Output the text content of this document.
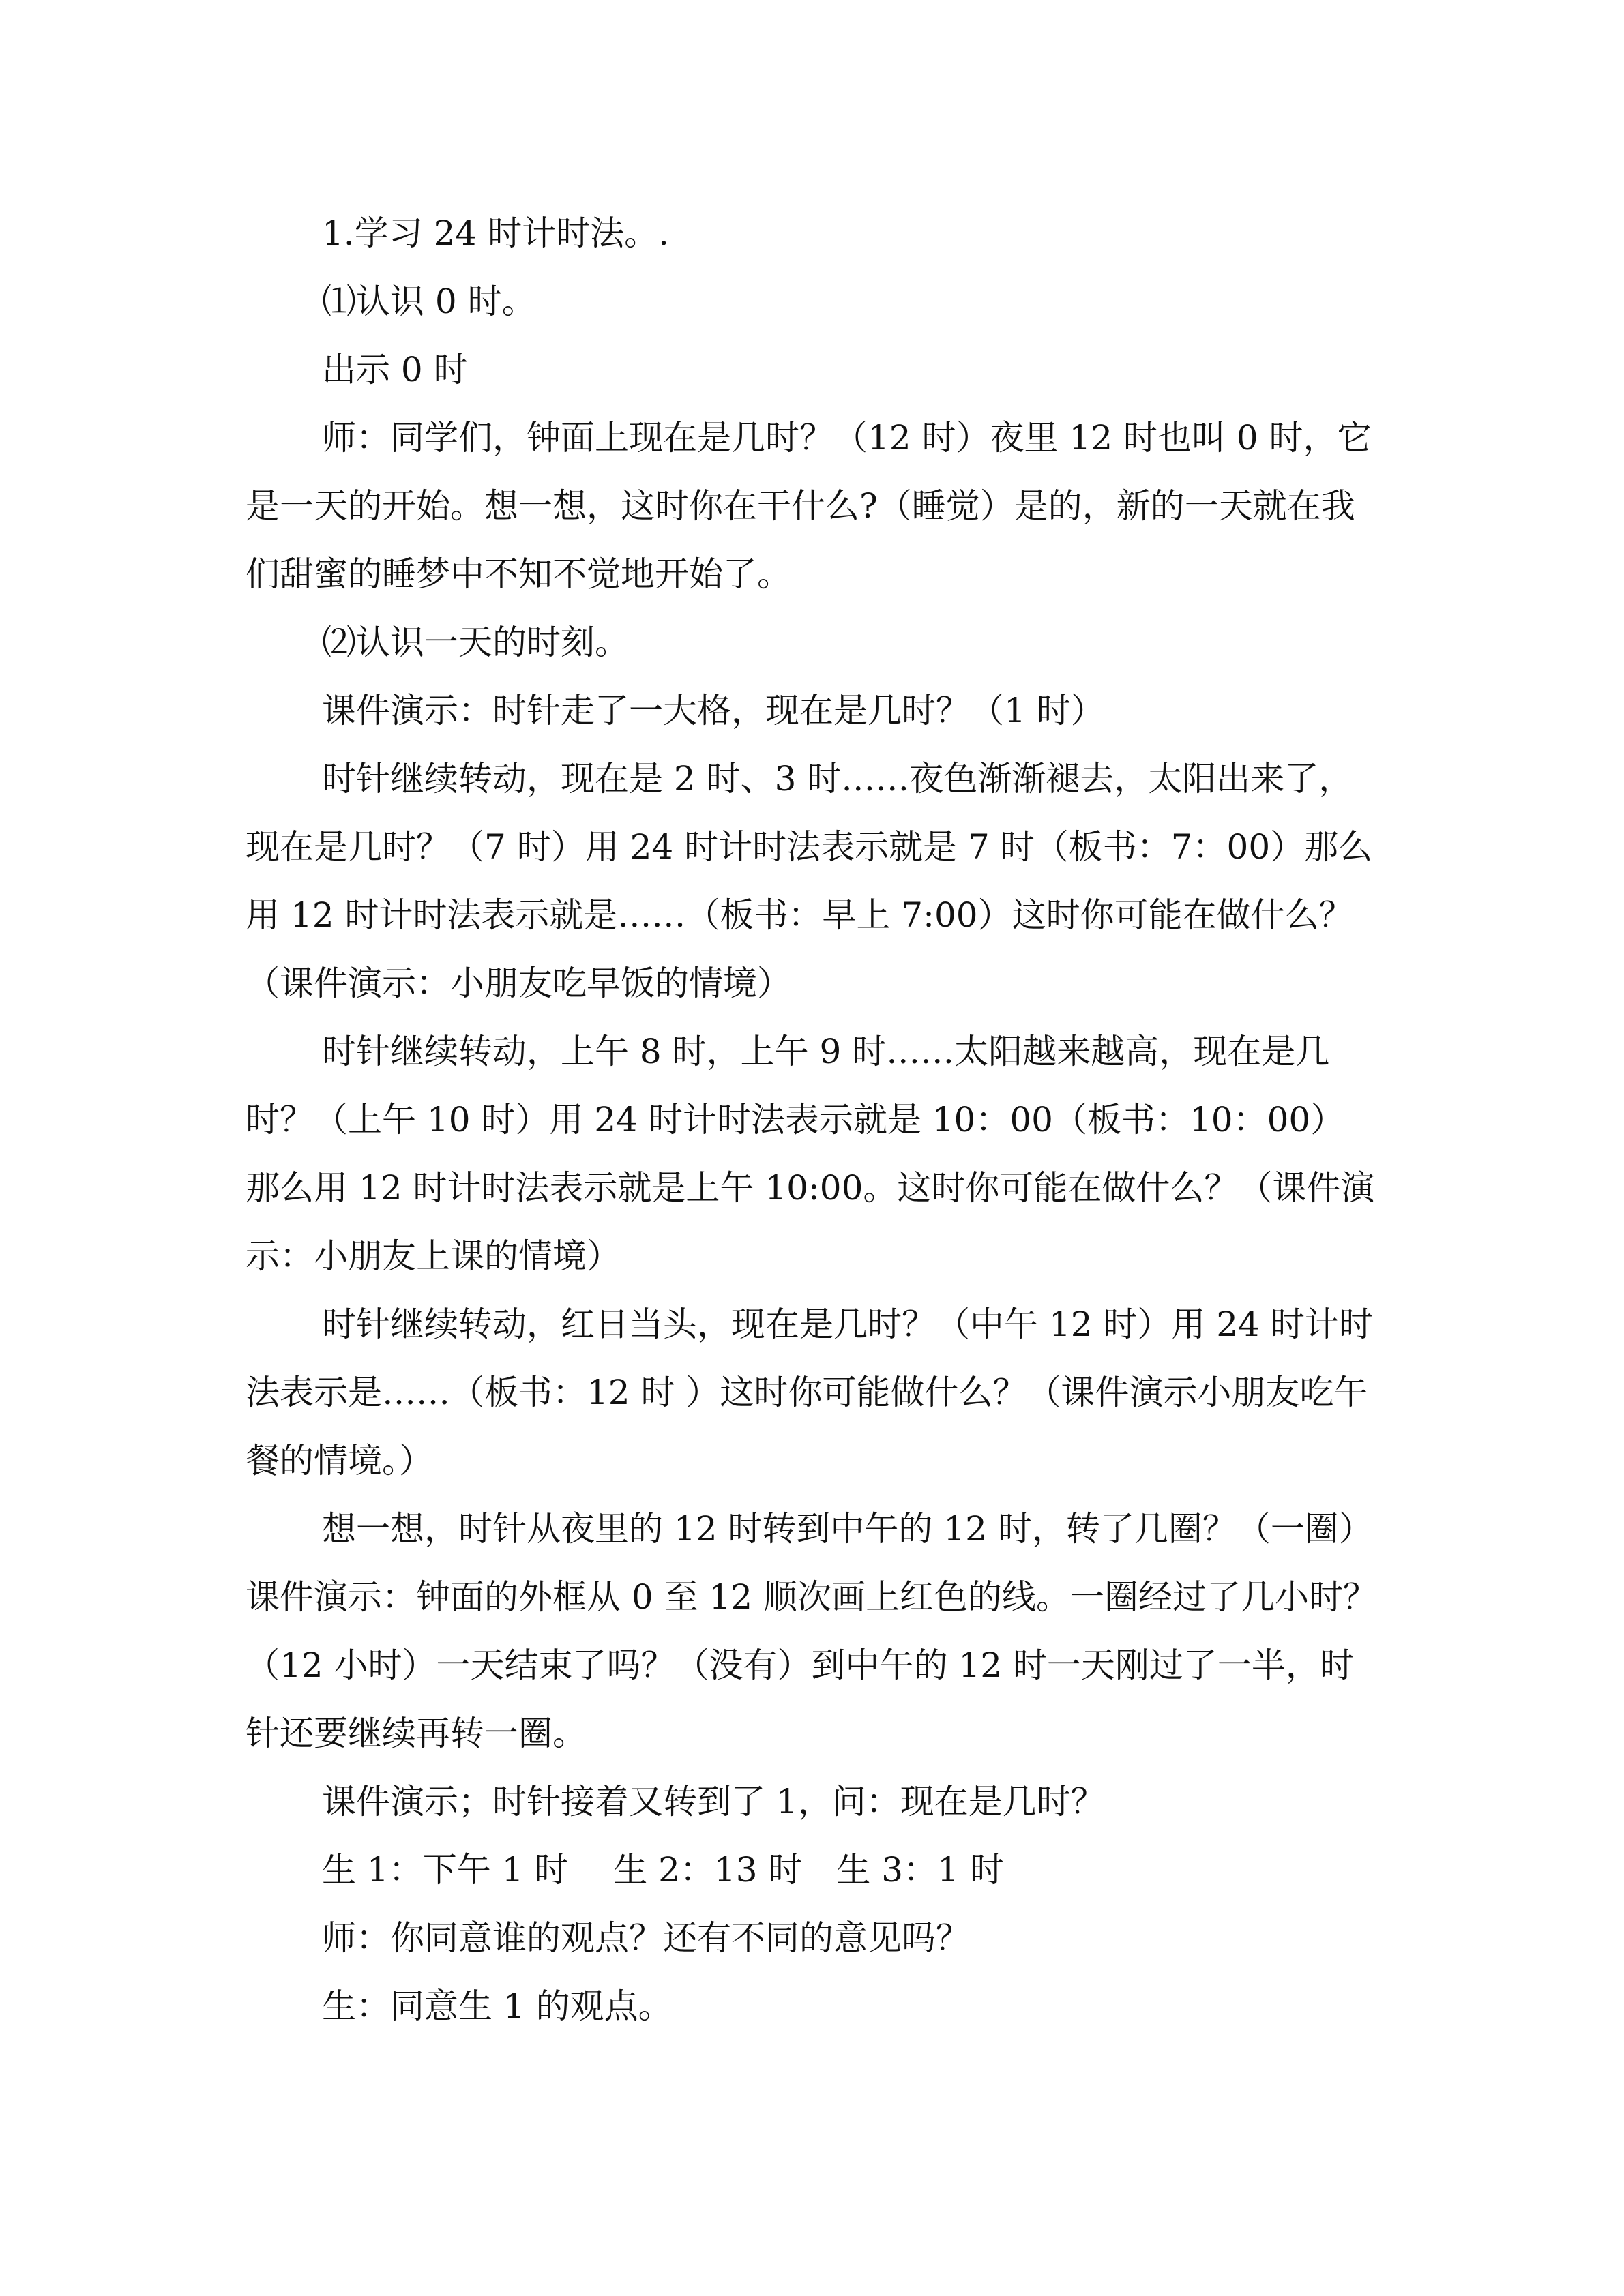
1.学习 24 时计时法。.

⑴认识 0 时。

出示 0 时

师：同学们，钟面上现在是几时？（12 时）夜里 12 时也叫 0 时，它是一天的开始。想一想，这时你在干什么?（睡觉）是的，新的一天就在我们甜蜜的睡梦中不知不觉地开始了。

⑵认识一天的时刻。

课件演示：时针走了一大格，现在是几时？（1 时）

时针继续转动，现在是 2 时、3 时……夜色渐渐褪去，太阳出来了，现在是几时？（7 时）用 24 时计时法表示就是 7 时（板书：7：00）那么用 12 时计时法表示就是……（板书：早上 7:00）这时你可能在做什么？（课件演示：小朋友吃早饭的情境）

时针继续转动，上午 8 时，上午 9 时……太阳越来越高，现在是几时？（上午 10 时）用 24 时计时法表示就是 10：00（板书：10：00）那么用 12 时计时法表示就是上午 10:00。这时你可能在做什么？（课件演示：小朋友上课的情境）

时针继续转动，红日当头，现在是几时？（中午 12 时）用 24 时计时法表示是……（板书：12 时 ）这时你可能做什么？（课件演示小朋友吃午餐的情境。）

想一想，时针从夜里的 12 时转到中午的 12 时，转了几圈？（一圈）课件演示：钟面的外框从 0 至 12 顺次画上红色的线。一圈经过了几小时？（12 小时）一天结束了吗？（没有）到中午的 12 时一天刚过了一半，时针还要继续再转一圈。

课件演示；时针接着又转到了 1，问：现在是几时？

生 1：下午 1 时　 生 2：13 时　生 3：1 时

师：你同意谁的观点？还有不同的意见吗？

生：同意生 1 的观点。
